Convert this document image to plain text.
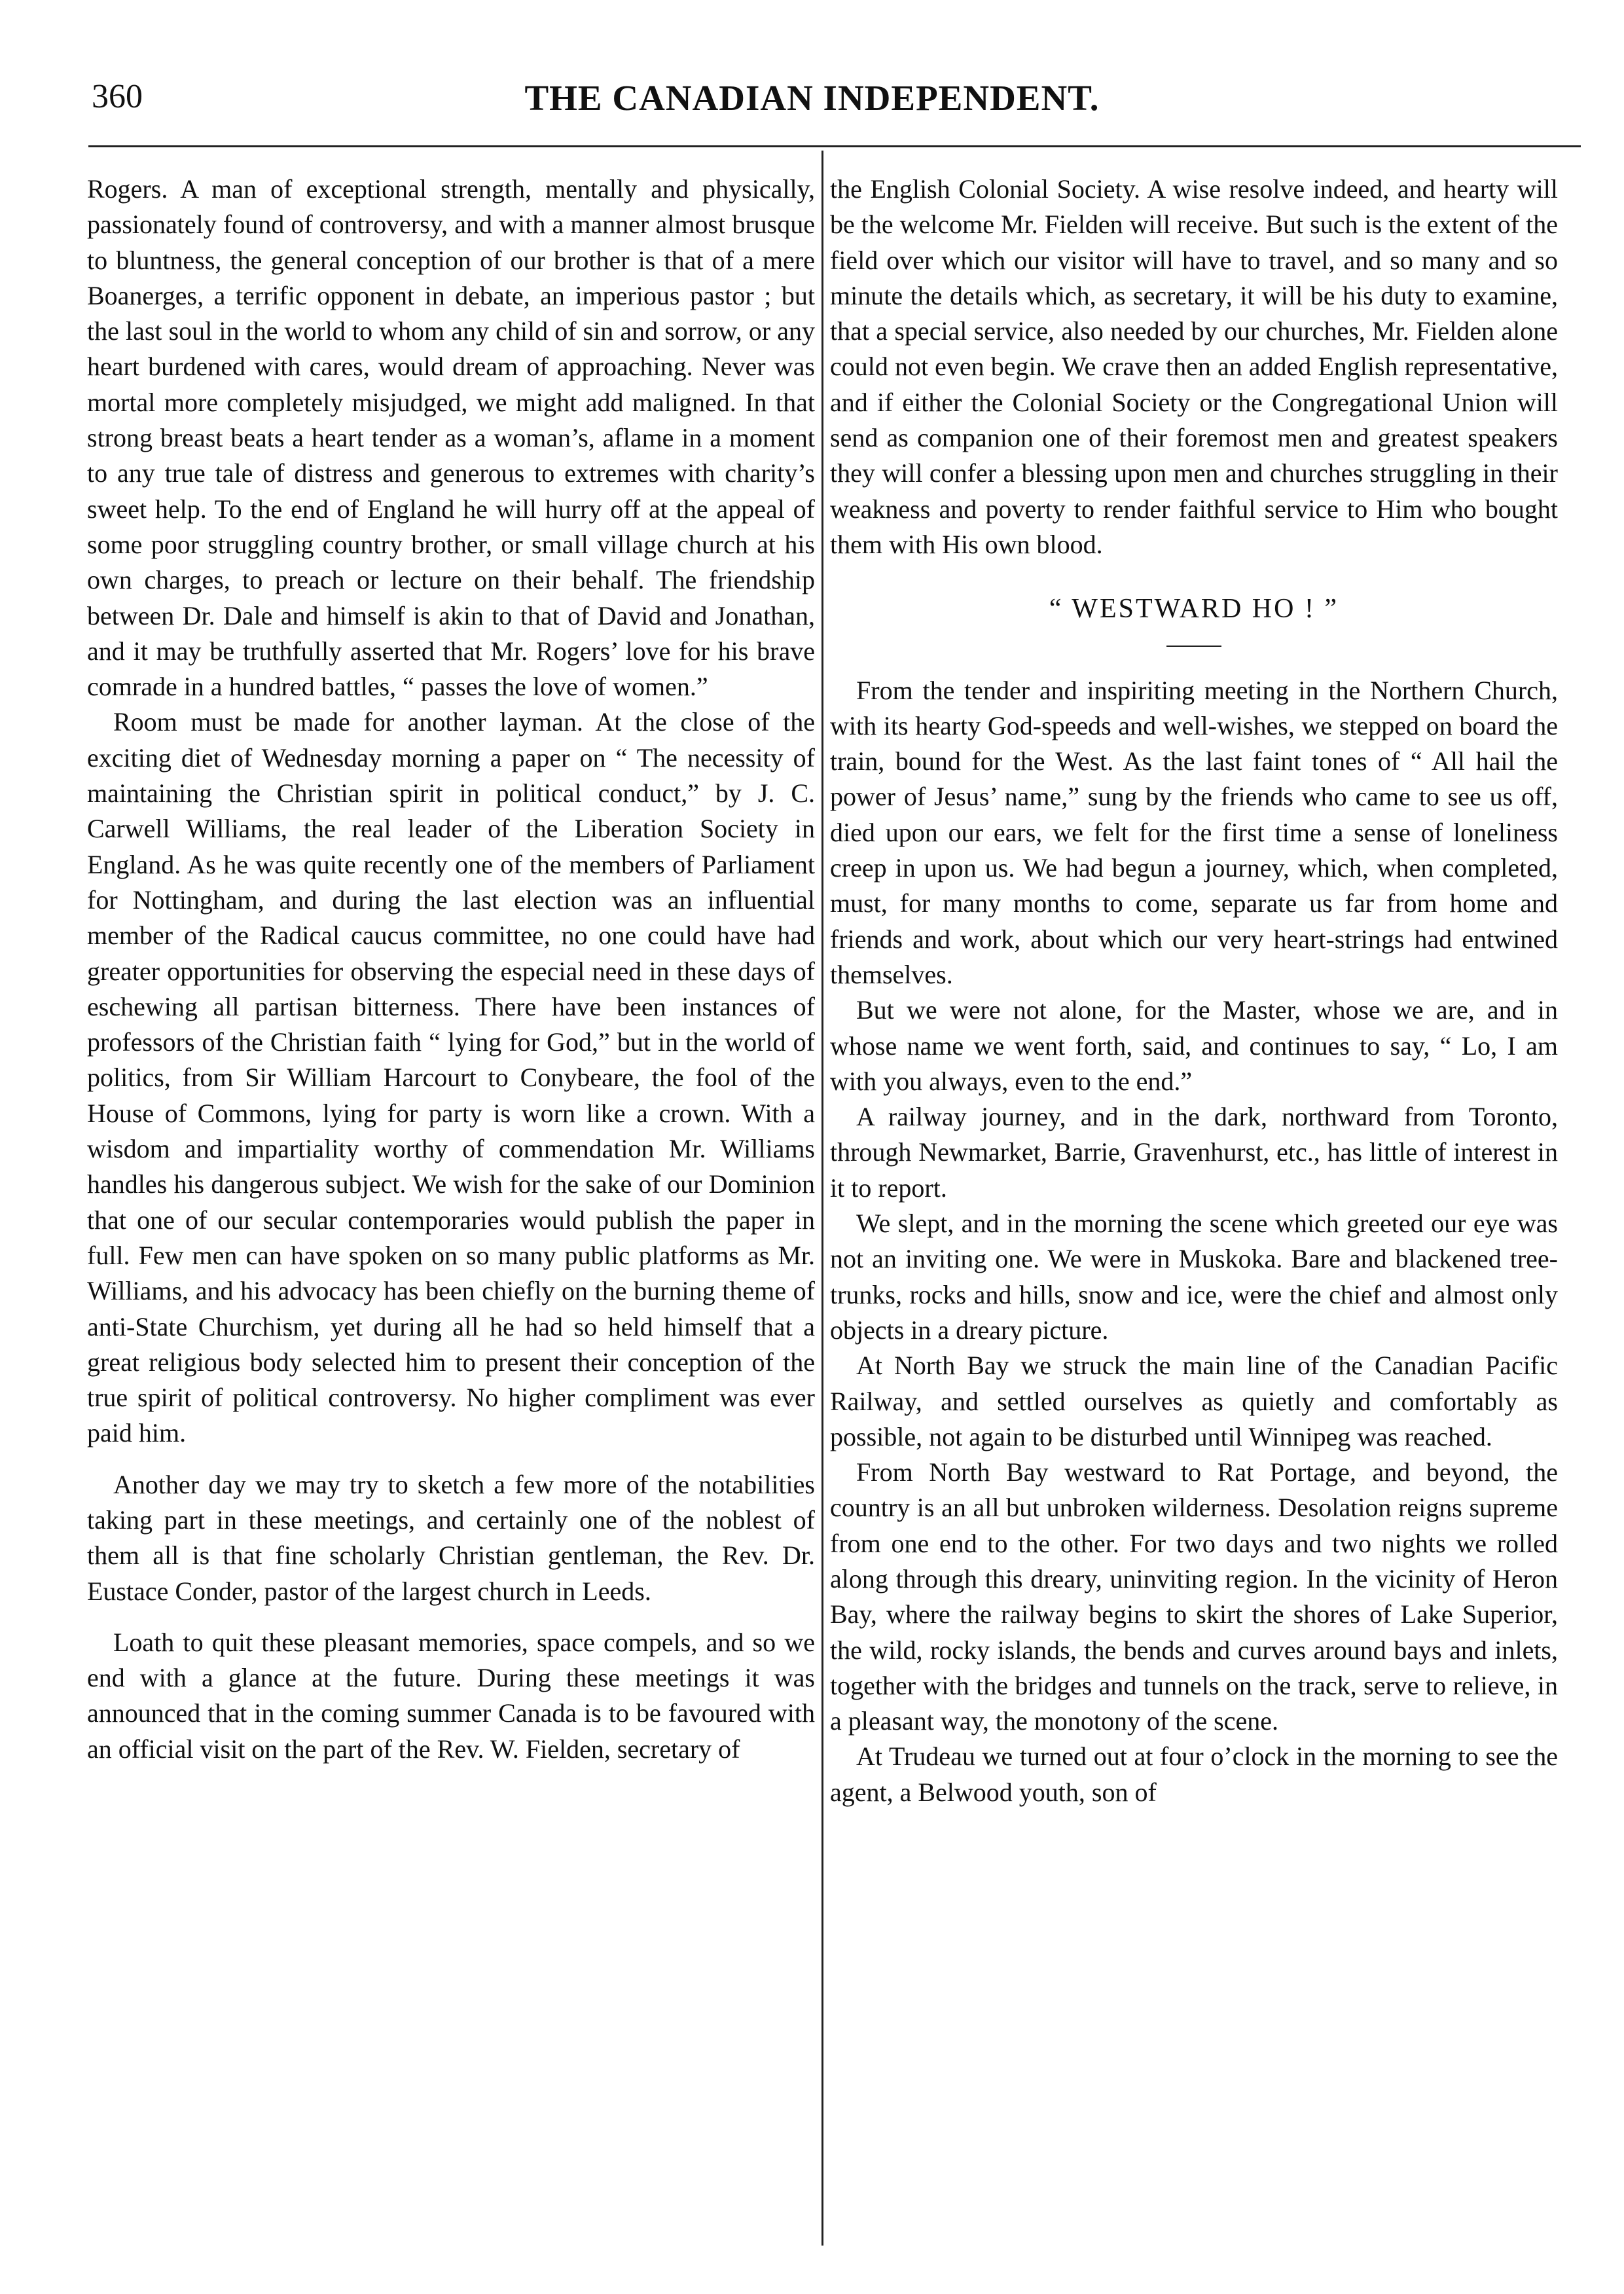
360	THE CANADIAN INDEPENDENT.

Rogers. A man of exceptional strength, mentally and physically, passionately found of controversy, and with a manner almost brusque to bluntness, the general conception of our brother is that of a mere Boanerges, a terrific opponent in debate, an imperious pastor ; but the last soul in the world to whom any child of sin and sorrow, or any heart burdened with cares, would dream of approaching. Never was mortal more completely misjudged, we might add maligned. In that strong breast beats a heart tender as a woman’s, aflame in a moment to any true tale of distress and generous to extremes with charity’s sweet help. To the end of England he will hurry off at the appeal of some poor struggling country brother, or small village church at his own charges, to preach or lecture on their behalf. The friendship between Dr. Dale and himself is akin to that of David and Jonathan, and it may be truthfully asserted that Mr. Rogers’ love for his brave comrade in a hundred battles, “ passes the love of women.”

Room must be made for another layman. At the close of the exciting diet of Wednesday morning a paper on “ The necessity of maintaining the Christian spirit in political conduct,” by J. C. Carwell Williams, the real leader of the Liberation Society in England. As he was quite recently one of the members of Parliament for Nottingham, and during the last election was an influential member of the Radical caucus committee, no one could have had greater opportunities for observing the especial need in these days of eschewing all partisan bitterness. There have been instances of professors of the Christian faith “ lying for God,” but in the world of politics, from Sir William Harcourt to Conybeare, the fool of the House of Commons, lying for party is worn like a crown. With a wisdom and impartiality worthy of commendation Mr. Williams handles his dangerous subject. We wish for the sake of our Dominion that one of our secular contemporaries would publish the paper in full. Few men can have spoken on so many public platforms as Mr. Williams, and his advocacy has been chiefly on the burning theme of anti-State Churchism, yet during all he had so held himself that a great religious body selected him to present their conception of the true spirit of political controversy. No higher compliment was ever paid him.

Another day we may try to sketch a few more of the notabilities taking part in these meetings, and certainly one of the noblest of them all is that fine scholarly Christian gentleman, the Rev. Dr. Eustace Conder, pastor of the largest church in Leeds.

Loath to quit these pleasant memories, space compels, and so we end with a glance at the future. During these meetings it was announced that in the coming summer Canada is to be favoured with an official visit on the part of the Rev. W. Fielden, secretary of

the English Colonial Society. A wise resolve indeed, and hearty will be the welcome Mr. Fielden will receive. But such is the extent of the field over which our visitor will have to travel, and so many and so minute the details which, as secretary, it will be his duty to examine, that a special service, also needed by our churches, Mr. Fielden alone could not even begin. We crave then an added English representative, and if either the Colonial Society or the Congregational Union will send as companion one of their foremost men and greatest speakers they will confer a blessing upon men and churches struggling in their weakness and poverty to render faithful service to Him who bought them with His own blood.

“ WESTWARD HO ! ”

From the tender and inspiriting meeting in the Northern Church, with its hearty God-speeds and well-wishes, we stepped on board the train, bound for the West. As the last faint tones of “ All hail the power of Jesus’ name,” sung by the friends who came to see us off, died upon our ears, we felt for the first time a sense of loneliness creep in upon us. We had begun a journey, which, when completed, must, for many months to come, separate us far from home and friends and work, about which our very heart-strings had entwined themselves.

But we were not alone, for the Master, whose we are, and in whose name we went forth, said, and continues to say, “ Lo, I am with you always, even to the end.”

A railway journey, and in the dark, northward from Toronto, through Newmarket, Barrie, Gravenhurst, etc., has little of interest in it to report.

We slept, and in the morning the scene which greeted our eye was not an inviting one. We were in Muskoka. Bare and blackened tree-trunks, rocks and hills, snow and ice, were the chief and almost only objects in a dreary picture.

At North Bay we struck the main line of the Canadian Pacific Railway, and settled ourselves as quietly and comfortably as possible, not again to be disturbed until Winnipeg was reached.

From North Bay westward to Rat Portage, and beyond, the country is an all but unbroken wilderness. Desolation reigns supreme from one end to the other. For two days and two nights we rolled along through this dreary, uninviting region. In the vicinity of Heron Bay, where the railway begins to skirt the shores of Lake Superior, the wild, rocky islands, the bends and curves around bays and inlets, together with the bridges and tunnels on the track, serve to relieve, in a pleasant way, the monotony of the scene.

At Trudeau we turned out at four o’clock in the morning to see the agent, a Belwood youth, son of
